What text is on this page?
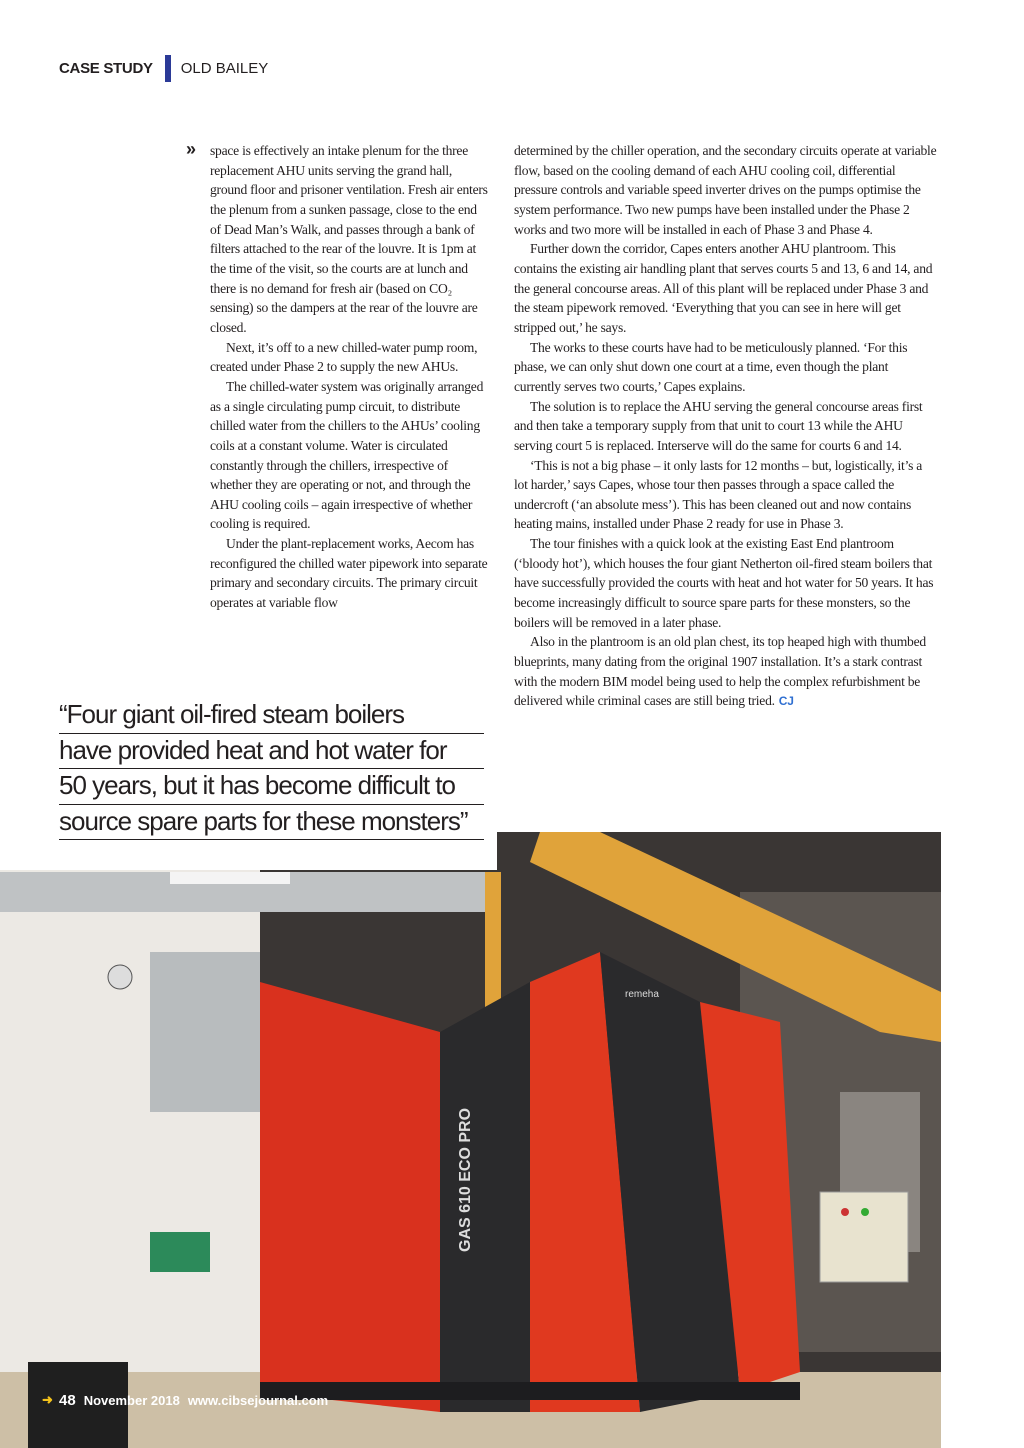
CASE STUDY OLD BAILEY
» space is effectively an intake plenum for the three replacement AHU units serving the grand hall, ground floor and prisoner ventilation. Fresh air enters the plenum from a sunken passage, close to the end of Dead Man’s Walk, and passes through a bank of filters attached to the rear of the louvre. It is 1pm at the time of the visit, so the courts are at lunch and there is no demand for fresh air (based on CO₂ sensing) so the dampers at the rear of the louvre are closed.

Next, it’s off to a new chilled-water pump room, created under Phase 2 to supply the new AHUs.

The chilled-water system was originally arranged as a single circulating pump circuit, to distribute chilled water from the chillers to the AHUs’ cooling coils at a constant volume. Water is circulated constantly through the chillers, irrespective of whether they are operating or not, and through the AHU cooling coils – again irrespective of whether cooling is required.

Under the plant-replacement works, Aecom has reconfigured the chilled water pipework into separate primary and secondary circuits. The primary circuit operates at variable flow

determined by the chiller operation, and the secondary circuits operate at variable flow, based on the cooling demand of each AHU cooling coil, differential pressure controls and variable speed inverter drives on the pumps optimise the system performance. Two new pumps have been installed under the Phase 2 works and two more will be installed in each of Phase 3 and Phase 4.

Further down the corridor, Capes enters another AHU plantroom. This contains the existing air handling plant that serves courts 5 and 13, 6 and 14, and the general concourse areas. All of this plant will be replaced under Phase 3 and the steam pipework removed. ‘Everything that you can see in here will get stripped out,’ he says.

The works to these courts have had to be meticulously planned. ‘For this phase, we can only shut down one court at a time, even though the plant currently serves two courts,’ Capes explains.

The solution is to replace the AHU serving the general concourse areas first and then take a temporary supply from that unit to court 13 while the AHU serving court 5 is replaced. Interserve will do the same for courts 6 and 14.

‘This is not a big phase – it only lasts for 12 months – but, logistically, it’s a lot harder,’ says Capes, whose tour then passes through a space called the undercroft (‘an absolute mess’). This has been cleaned out and now contains heating mains, installed under Phase 2 ready for use in Phase 3.

The tour finishes with a quick look at the existing East End plantroom (‘bloody hot’), which houses the four giant Netherton oil-fired steam boilers that have successfully provided the courts with heat and hot water for 50 years. It has become increasingly difficult to source spare parts for these monsters, so the boilers will be removed in a later phase.

Also in the plantroom is an old plan chest, its top heaped high with thumbed blueprints, many dating from the original 1907 installation. It’s a stark contrast with the modern BIM model being used to help the complex refurbishment be delivered while criminal cases are still being tried. CJ

“Four giant oil-fired steam boilers
have provided heat and hot water for
50 years, but it has become difficult to
source spare parts for these monsters”
GAS 610 ECO PRO
remeha
➜ 48 November 2018 www.cibsejournal.com
